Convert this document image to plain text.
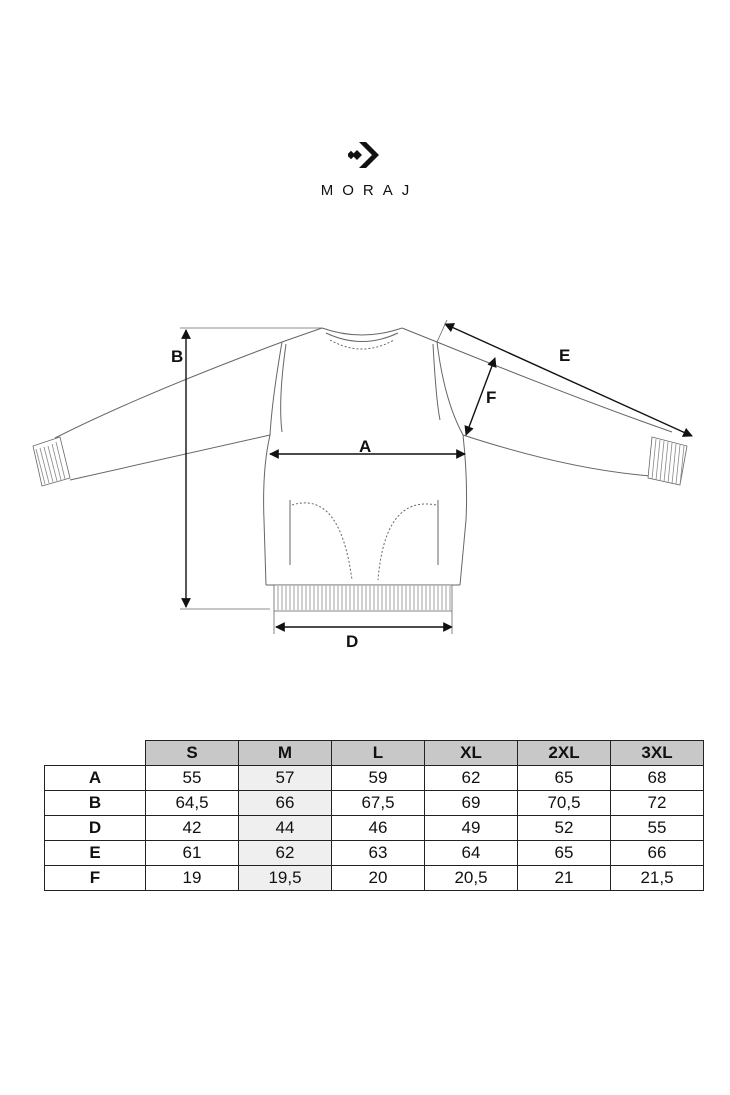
MORAJ
A
B
D
E
F
	S	M	L	XL	2XL	3XL
A	55	57	59	62	65	68
B	64,5	66	67,5	69	70,5	72
D	42	44	46	49	52	55
E	61	62	63	64	65	66
F	19	19,5	20	20,5	21	21,5
